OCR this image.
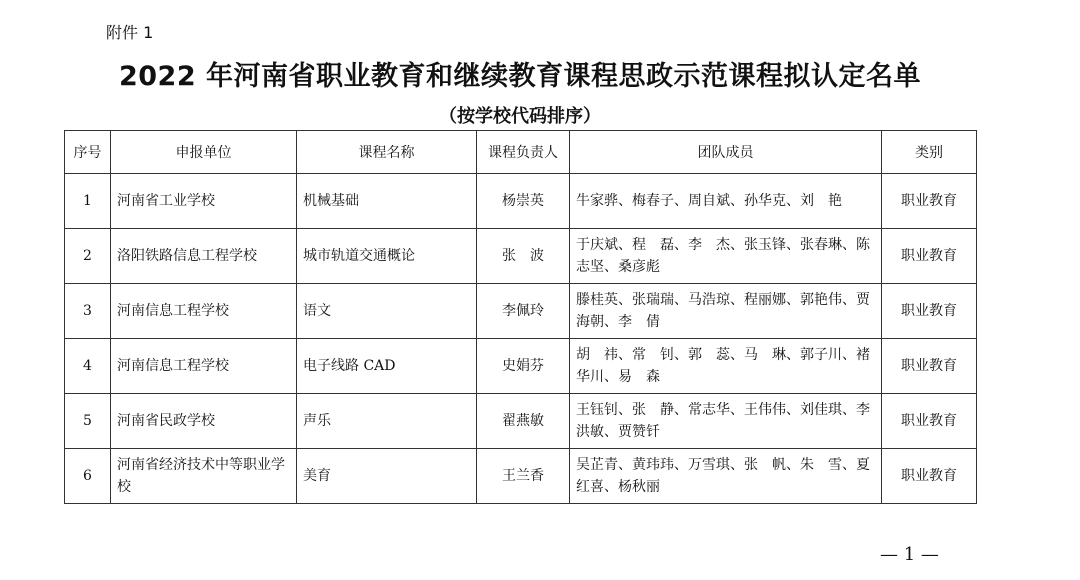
附件 1
2022 年河南省职业教育和继续教育课程思政示范课程拟认定名单
（按学校代码排序）
序号	申报单位	课程名称	课程负责人	团队成员	类别
1	河南省工业学校	机械基础	杨崇英	牛家骅、梅春子、周自斌、孙华克、刘　艳	职业教育
2	洛阳铁路信息工程学校	城市轨道交通概论	张　波	于庆斌、程　磊、李　杰、张玉锋、张春琳、陈志坚、桑彦彪	职业教育
3	河南信息工程学校	语文	李佩玲	滕桂英、张瑞瑞、马浩琼、程丽娜、郭艳伟、贾海朝、李　倩	职业教育
4	河南信息工程学校	电子线路 CAD	史娟芬	胡　祎、常　钊、郭　蕊、马　琳、郭子川、褚华川、易　森	职业教育
5	河南省民政学校	声乐	翟燕敏	王钰钊、张　静、常志华、王伟伟、刘佳琪、李洪敏、贾赞钎	职业教育
6	河南省经济技术中等职业学校	美育	王兰香	吴芷青、黄玮玮、万雪琪、张　帆、朱　雪、夏红喜、杨秋丽	职业教育
— 1 —
